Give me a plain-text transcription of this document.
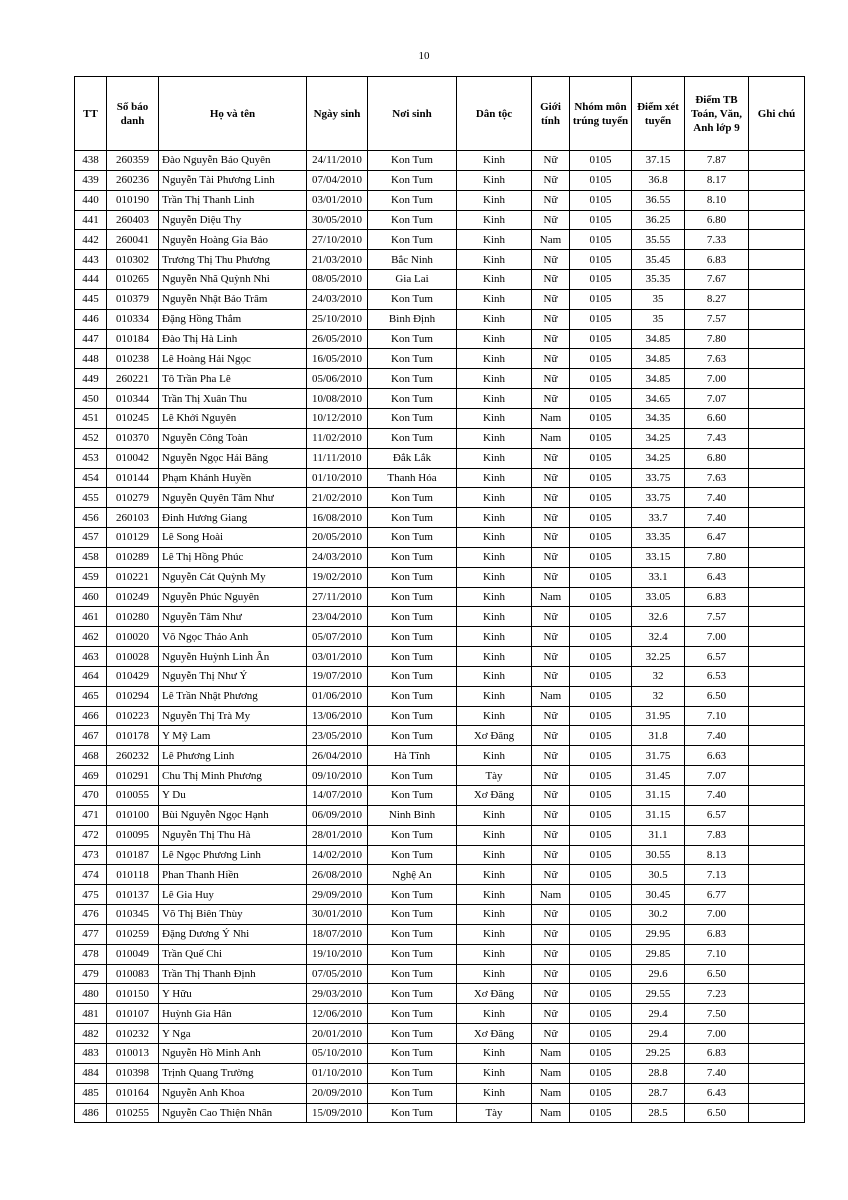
10
TT	Số báo danh	Họ và tên	Ngày sinh	Nơi sinh	Dân tộc	Giới tính	Nhóm môn trúng tuyển	Điểm xét tuyển	Điểm TB Toán, Văn, Anh lớp 9	Ghi chú
438	260359	Đào Nguyễn Bảo Quyên	24/11/2010	Kon Tum	Kinh	Nữ	0105	37.15	7.87	
439	260236	Nguyễn Tài Phương Linh	07/04/2010	Kon Tum	Kinh	Nữ	0105	36.8	8.17	
440	010190	Trần Thị Thanh Linh	03/01/2010	Kon Tum	Kinh	Nữ	0105	36.55	8.10	
441	260403	Nguyễn Diệu Thy	30/05/2010	Kon Tum	Kinh	Nữ	0105	36.25	6.80	
442	260041	Nguyễn Hoàng Gia Bảo	27/10/2010	Kon Tum	Kinh	Nam	0105	35.55	7.33	
443	010302	Trương Thị Thu Phương	21/03/2010	Bắc Ninh	Kinh	Nữ	0105	35.45	6.83	
444	010265	Nguyễn Nhã Quỳnh Nhi	08/05/2010	Gia Lai	Kinh	Nữ	0105	35.35	7.67	
445	010379	Nguyễn Nhật Bảo Trâm	24/03/2010	Kon Tum	Kinh	Nữ	0105	35	8.27	
446	010334	Đặng Hồng Thắm	25/10/2010	Bình Định	Kinh	Nữ	0105	35	7.57	
447	010184	Đào Thị Hà Linh	26/05/2010	Kon Tum	Kinh	Nữ	0105	34.85	7.80	
448	010238	Lê Hoàng Hải Ngọc	16/05/2010	Kon Tum	Kinh	Nữ	0105	34.85	7.63	
449	260221	Tô Trần Pha Lê	05/06/2010	Kon Tum	Kinh	Nữ	0105	34.85	7.00	
450	010344	Trần Thị Xuân Thu	10/08/2010	Kon Tum	Kinh	Nữ	0105	34.65	7.07	
451	010245	Lê Khởi Nguyên	10/12/2010	Kon Tum	Kinh	Nam	0105	34.35	6.60	
452	010370	Nguyễn Công Toàn	11/02/2010	Kon Tum	Kinh	Nam	0105	34.25	7.43	
453	010042	Nguyễn Ngọc Hải Băng	11/11/2010	Đắk Lắk	Kinh	Nữ	0105	34.25	6.80	
454	010144	Phạm Khánh Huyền	01/10/2010	Thanh Hóa	Kinh	Nữ	0105	33.75	7.63	
455	010279	Nguyễn Quyên Tâm Như	21/02/2010	Kon Tum	Kinh	Nữ	0105	33.75	7.40	
456	260103	Đinh Hương Giang	16/08/2010	Kon Tum	Kinh	Nữ	0105	33.7	7.40	
457	010129	Lê Song Hoài	20/05/2010	Kon Tum	Kinh	Nữ	0105	33.35	6.47	
458	010289	Lê Thị Hồng Phúc	24/03/2010	Kon Tum	Kinh	Nữ	0105	33.15	7.80	
459	010221	Nguyễn Cát Quỳnh My	19/02/2010	Kon Tum	Kinh	Nữ	0105	33.1	6.43	
460	010249	Nguyễn Phúc Nguyên	27/11/2010	Kon Tum	Kinh	Nam	0105	33.05	6.83	
461	010280	Nguyễn Tâm Như	23/04/2010	Kon Tum	Kinh	Nữ	0105	32.6	7.57	
462	010020	Võ Ngọc Thảo Anh	05/07/2010	Kon Tum	Kinh	Nữ	0105	32.4	7.00	
463	010028	Nguyễn Huỳnh Linh Ân	03/01/2010	Kon Tum	Kinh	Nữ	0105	32.25	6.57	
464	010429	Nguyễn Thị Như Ý	19/07/2010	Kon Tum	Kinh	Nữ	0105	32	6.53	
465	010294	Lê Trần Nhật Phương	01/06/2010	Kon Tum	Kinh	Nam	0105	32	6.50	
466	010223	Nguyễn Thị Trà My	13/06/2010	Kon Tum	Kinh	Nữ	0105	31.95	7.10	
467	010178	Y Mỹ Lam	23/05/2010	Kon Tum	Xơ Đăng	Nữ	0105	31.8	7.40	
468	260232	Lê Phương Linh	26/04/2010	Hà Tĩnh	Kinh	Nữ	0105	31.75	6.63	
469	010291	Chu Thị Minh Phương	09/10/2010	Kon Tum	Tày	Nữ	0105	31.45	7.07	
470	010055	Y Du	14/07/2010	Kon Tum	Xơ Đăng	Nữ	0105	31.15	7.40	
471	010100	Bùi Nguyễn Ngọc Hạnh	06/09/2010	Ninh Bình	Kinh	Nữ	0105	31.15	6.57	
472	010095	Nguyễn Thị Thu Hà	28/01/2010	Kon Tum	Kinh	Nữ	0105	31.1	7.83	
473	010187	Lê Ngọc Phương Linh	14/02/2010	Kon Tum	Kinh	Nữ	0105	30.55	8.13	
474	010118	Phan Thanh Hiền	26/08/2010	Nghệ An	Kinh	Nữ	0105	30.5	7.13	
475	010137	Lê Gia Huy	29/09/2010	Kon Tum	Kinh	Nam	0105	30.45	6.77	
476	010345	Võ Thị Biên Thùy	30/01/2010	Kon Tum	Kinh	Nữ	0105	30.2	7.00	
477	010259	Đặng Dương Ý Nhi	18/07/2010	Kon Tum	Kinh	Nữ	0105	29.95	6.83	
478	010049	Trần Quế Chi	19/10/2010	Kon Tum	Kinh	Nữ	0105	29.85	7.10	
479	010083	Trần Thị Thanh Định	07/05/2010	Kon Tum	Kinh	Nữ	0105	29.6	6.50	
480	010150	Y Hữu	29/03/2010	Kon Tum	Xơ Đăng	Nữ	0105	29.55	7.23	
481	010107	Huỳnh Gia Hân	12/06/2010	Kon Tum	Kinh	Nữ	0105	29.4	7.50	
482	010232	Y Nga	20/01/2010	Kon Tum	Xơ Đăng	Nữ	0105	29.4	7.00	
483	010013	Nguyễn Hồ Minh Anh	05/10/2010	Kon Tum	Kinh	Nam	0105	29.25	6.83	
484	010398	Trịnh Quang Trường	01/10/2010	Kon Tum	Kinh	Nam	0105	28.8	7.40	
485	010164	Nguyễn Anh Khoa	20/09/2010	Kon Tum	Kinh	Nam	0105	28.7	6.43	
486	010255	Nguyễn Cao Thiện Nhân	15/09/2010	Kon Tum	Tày	Nam	0105	28.5	6.50	
